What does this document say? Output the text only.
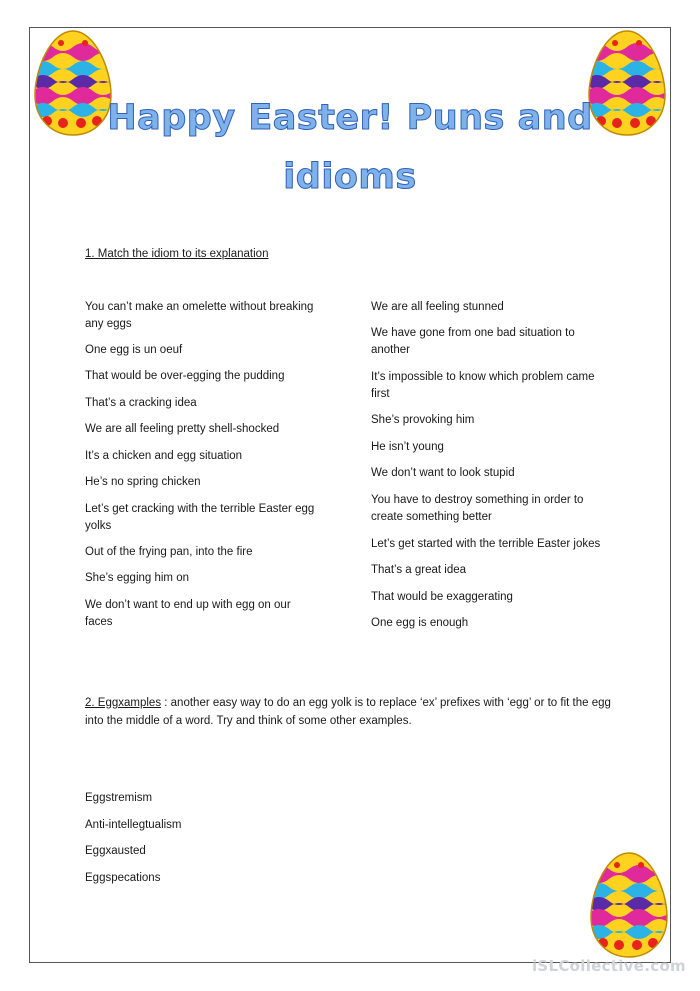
Happy Easter! Puns and
idioms
1. Match the idiom to its explanation
You can’t make an omelette without breaking
any eggs
One egg is un oeuf
That would be over-egging the pudding
That’s a cracking idea
We are all feeling pretty shell-shocked
It’s a chicken and egg situation
He’s no spring chicken
Let’s get cracking with the terrible Easter egg
yolks
Out of the frying pan, into the fire
She’s egging him on
We don’t want to end up with egg on our
faces
We are all feeling stunned
We have gone from one bad situation to
another
It’s impossible to know which problem came
first
She’s provoking him
He isn’t young
We don’t want to look stupid
You have to destroy something in order to
create something better
Let’s get started with the terrible Easter jokes
That’s a great idea
That would be exaggerating
One egg is enough
2. Eggxamples : another easy way to do an egg yolk is to replace ‘ex’ prefixes with ‘egg’ or to fit the egg into the middle of a word. Try and think of some other examples.
Eggstremism
Anti-intellegtualism
Eggxausted
Eggspecations
iSLCollective.com
